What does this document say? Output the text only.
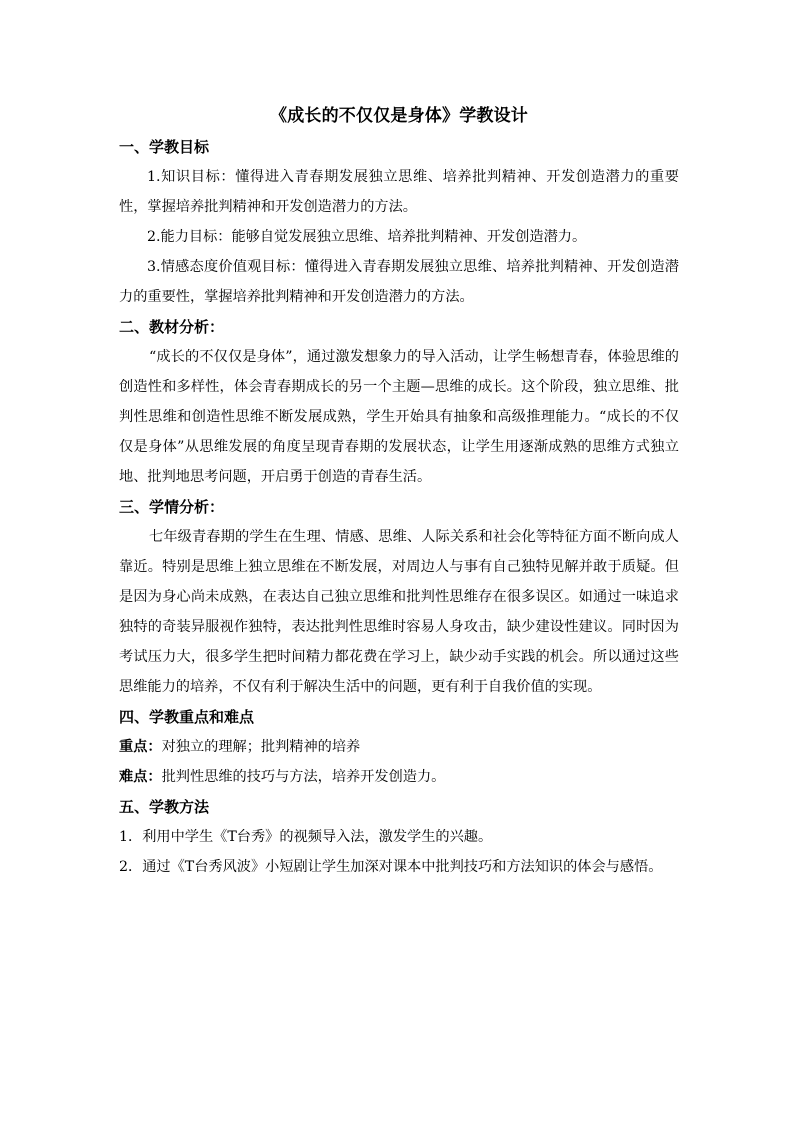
《成长的不仅仅是身体》学教设计
一、学教目标

1.知识目标：懂得进入青春期发展独立思维、培养批判精神、开发创造潜力的重要性，掌握培养批判精神和开发创造潜力的方法。

2.能力目标：能够自觉发展独立思维、培养批判精神、开发创造潜力。

3.情感态度价值观目标：懂得进入青春期发展独立思维、培养批判精神、开发创造潜力的重要性，掌握培养批判精神和开发创造潜力的方法。

二、教材分析：

“成长的不仅仅是身体”，通过激发想象力的导入活动，让学生畅想青春，体验思维的创造性和多样性，体会青春期成长的另一个主题—思维的成长。这个阶段，独立思维、批判性思维和创造性思维不断发展成熟，学生开始具有抽象和高级推理能力。“成长的不仅仅是身体”从思维发展的角度呈现青春期的发展状态，让学生用逐渐成熟的思维方式独立地、批判地思考问题，开启勇于创造的青春生活。

三、学情分析：

七年级青春期的学生在生理、情感、思维、人际关系和社会化等特征方面不断向成人靠近。特别是思维上独立思维在不断发展，对周边人与事有自己独特见解并敢于质疑。但是因为身心尚未成熟，在表达自己独立思维和批判性思维存在很多误区。如通过一味追求独特的奇装异服视作独特，表达批判性思维时容易人身攻击，缺少建设性建议。同时因为考试压力大，很多学生把时间精力都花费在学习上，缺少动手实践的机会。所以通过这些思维能力的培养，不仅有利于解决生活中的问题，更有利于自我价值的实现。

四、学教重点和难点

重点：对独立的理解；批判精神的培养

难点：批判性思维的技巧与方法，培养开发创造力。

五、学教方法

1．利用中学生《T台秀》的视频导入法，激发学生的兴趣。

2．通过《T台秀风波》小短剧让学生加深对课本中批判技巧和方法知识的体会与感悟。
